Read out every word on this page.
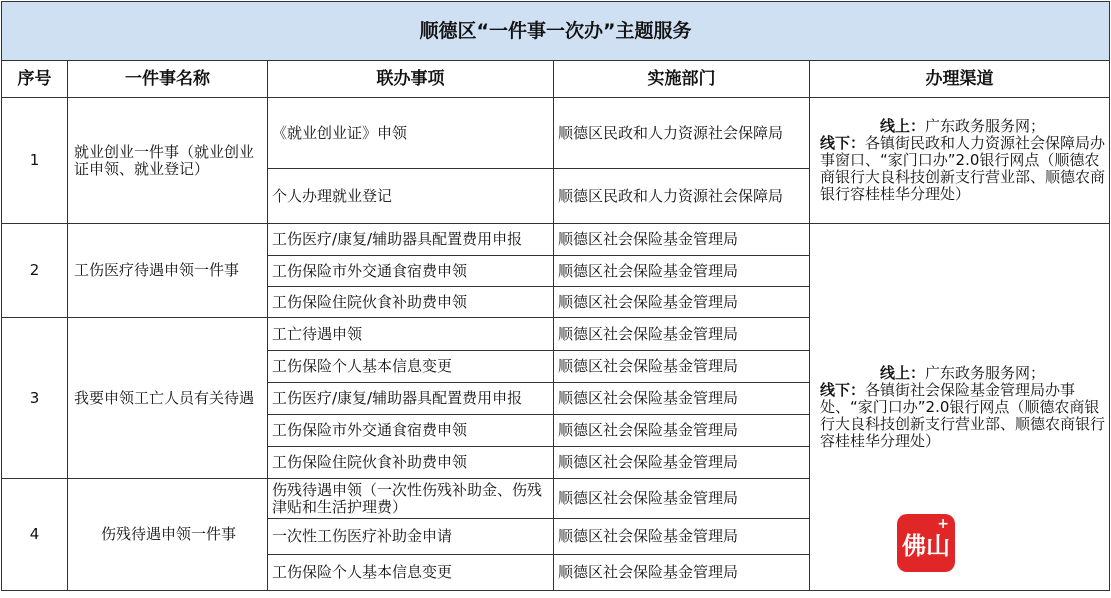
顺德区“一件事一次办”主题服务				
序号	一件事名称	联办事项	实施部门	办理渠道
1	就业创业一件事（就业创业证申领、就业登记）	《就业创业证》申领	顺德区民政和人力资源社会保障局	线上：广东政务服务网；
线下：各镇街民政和人力资源社会保障局办事窗口、“家门口办”2.0银行网点（顺德农商银行大良科技创新支行营业部、顺德农商银行容桂桂华分理处）

		个人办理就业登记	顺德区民政和人力资源社会保障局	
2	工伤医疗待遇申领一件事	工伤医疗/康复/辅助器具配置费用申报	顺德区社会保险基金管理局	线上：广东政务服务网；
线下：各镇街社会保险基金管理局办事处、“家门口办”2.0银行网点（顺德农商银行大良科技创新支行营业部、顺德农商银行容桂桂华分理处）

		工伤保险市外交通食宿费申领	顺德区社会保险基金管理局	
		工伤保险住院伙食补助费申领	顺德区社会保险基金管理局	
3	我要申领工亡人员有关待遇	工亡待遇申领	顺德区社会保险基金管理局	
		工伤保险个人基本信息变更	顺德区社会保险基金管理局	
		工伤医疗/康复/辅助器具配置费用申报	顺德区社会保险基金管理局	
		工伤保险市外交通食宿费申领	顺德区社会保险基金管理局	
		工伤保险住院伙食补助费申领	顺德区社会保险基金管理局	
4	伤残待遇申领一件事	伤残待遇申领（一次性伤残补助金、伤残津贴和生活护理费）	顺德区社会保险基金管理局	
		一次性工伤医疗补助金申请	顺德区社会保险基金管理局	
		工伤保险个人基本信息变更	顺德区社会保险基金管理局	
佛山
+
